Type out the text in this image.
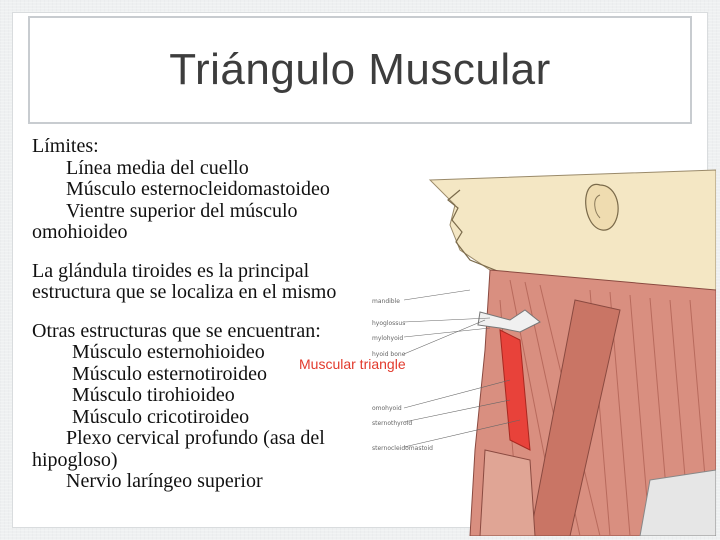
Triángulo Muscular

Límites:

Línea media del cuello

Músculo esternocleidomastoideo

Vientre superior del músculo

omohioideo

La glándula tiroides es la principal

estructura que se localiza en el mismo

Otras estructuras que se encuentran:

Músculo esternohioideo

Músculo esternotiroideo

Músculo tirohioideo

Músculo cricotiroideo

Plexo cervical profundo (asa del

hipogloso)

Nervio laríngeo superior

mandible
hyoglossus
mylohyoid
hyoid bone
omohyoid
sternothyroid
sternocleidomastoid
Muscular triangle
